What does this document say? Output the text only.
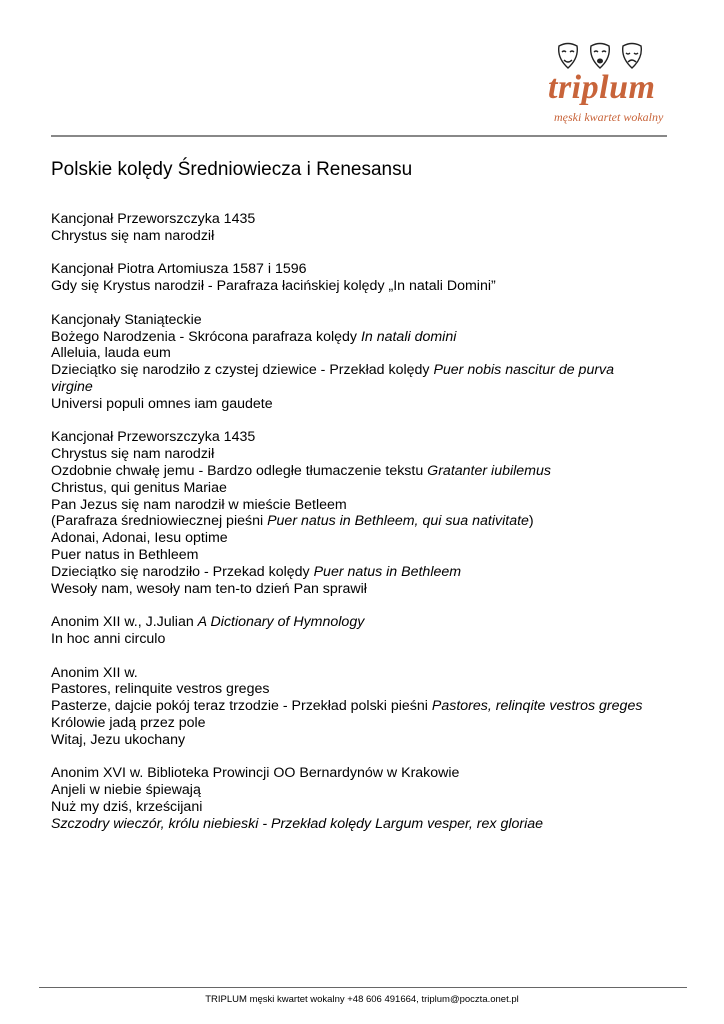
triplum
męski kwartet wokalny
Polskie kolędy Średniowiecza i Renesansu
Kancjonał Przeworszczyka 1435
Chrystus się nam narodził
Kancjonał Piotra Artomiusza 1587 i 1596
Gdy się Krystus narodził - Parafraza łacińskiej kolędy „In natali Domini”
Kancjonały Staniąteckie
Bożego Narodzenia - Skrócona parafraza kolędy In natali domini
Alleluia, lauda eum
Dzieciątko się narodziło z czystej dziewice - Przekład kolędy Puer nobis nascitur de purva
virgine
Universi populi omnes iam gaudete
Kancjonał Przeworszczyka 1435
Chrystus się nam narodził
Ozdobnie chwałę jemu - Bardzo odległe tłumaczenie tekstu Gratanter iubilemus
Christus, qui genitus Mariae
Pan Jezus się nam narodził w mieście Betleem
(Parafraza średniowiecznej pieśni Puer natus in Bethleem, qui sua nativitate)
Adonai, Adonai, Iesu optime
Puer natus in Bethleem
Dzieciątko się narodziło - Przekad kolędy Puer natus in Bethleem
Wesoły nam, wesoły nam ten-to dzień Pan sprawił
Anonim XII w., J.Julian A Dictionary of Hymnology
In hoc anni circulo
Anonim XII w.
Pastores, relinquite vestros greges
Pasterze, dajcie pokój teraz trzodzie - Przekład polski pieśni Pastores, relinqite vestros greges
Królowie jadą przez pole
Witaj, Jezu ukochany
Anonim XVI w. Biblioteka Prowincji OO Bernardynów w Krakowie
Anjeli w niebie śpiewają
Nuż my dziś, krześcijani
Szczodry wieczór, królu niebieski - Przekład kolędy Largum vesper, rex gloriae
TRIPLUM męski kwartet wokalny +48 606 491664, triplum@poczta.onet.pl
